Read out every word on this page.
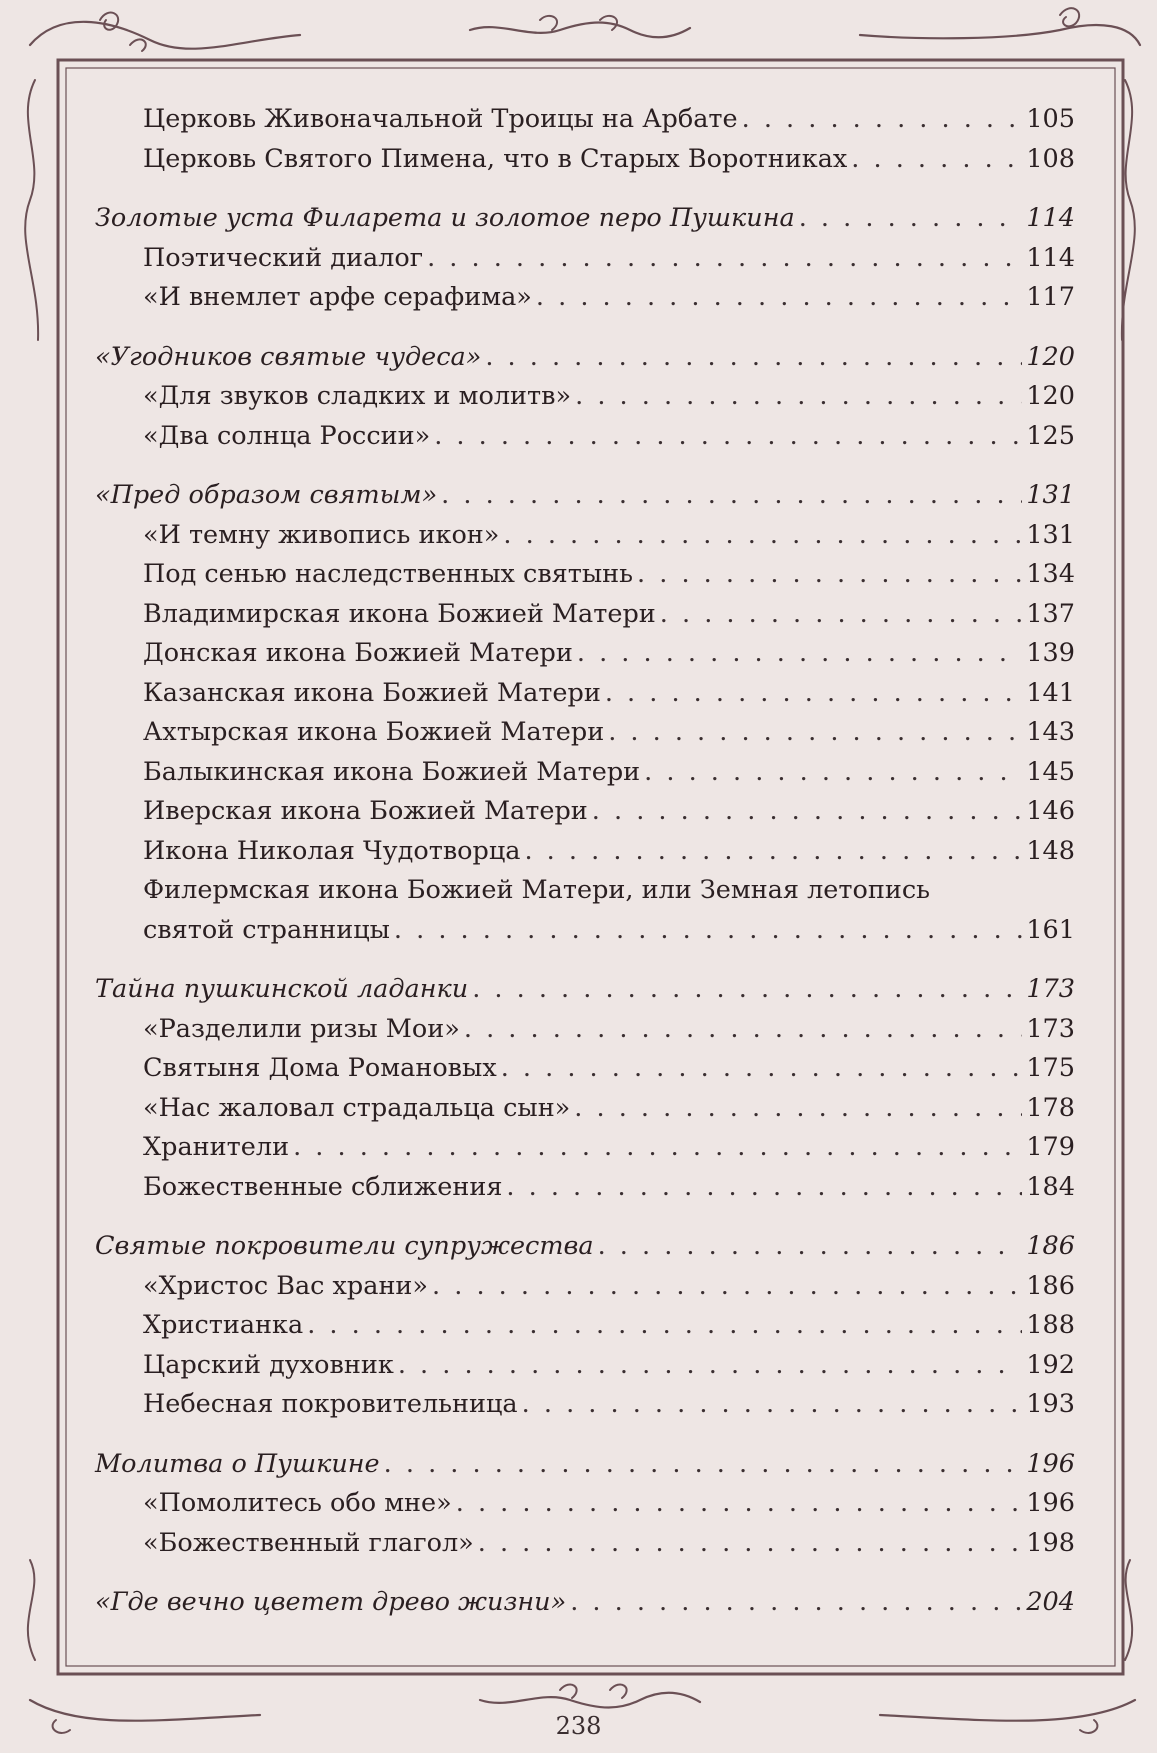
Церковь Живоначальной Троицы на Арбате . . .	105
Церковь Святого Пимена, что в Старых Воротниках . . .	108
Золотые уста Филарета и золотое перо Пушкина . . .	114
Поэтический диалог . . .	114
«И внемлет арфе серафима» . . .	117
«Угодников святые чудеса» . . .	120
«Для звуков сладких и молитв» . . .	120
«Два солнца России» . . .	125
«Пред образом святым» . . .	131
«И темну живопись икон» . . .	131
Под сенью наследственных святынь . . .	134
Владимирская икона Божией Матери . . .	137
Донская икона Божией Матери . . .	139
Казанская икона Божией Матери . . .	141
Ахтырская икона Божией Матери . . .	143
Балыкинская икона Божией Матери . . .	145
Иверская икона Божией Матери . . .	146
Икона Николая Чудотворца . . .	148
Филермская икона Божией Матери, или Земная летопись
святой странницы . . .	161
Тайна пушкинской ладанки . . .	173
«Разделили ризы Мои» . . .	173
Святыня Дома Романовых . . .	175
«Нас жаловал страдальца сын» . . .	178
Хранители . . .	179
Божественные сближения . . .	184
Святые покровители супружества . . .	186
«Христос Вас храни» . . .	186
Христианка . . .	188
Царский духовник . . .	192
Небесная покровительница . . .	193
Молитва о Пушкине . . .	196
«Помолитесь обо мне» . . .	196
«Божественный глагол» . . .	198
«Где вечно цветет древо жизни» . . .	204
238
